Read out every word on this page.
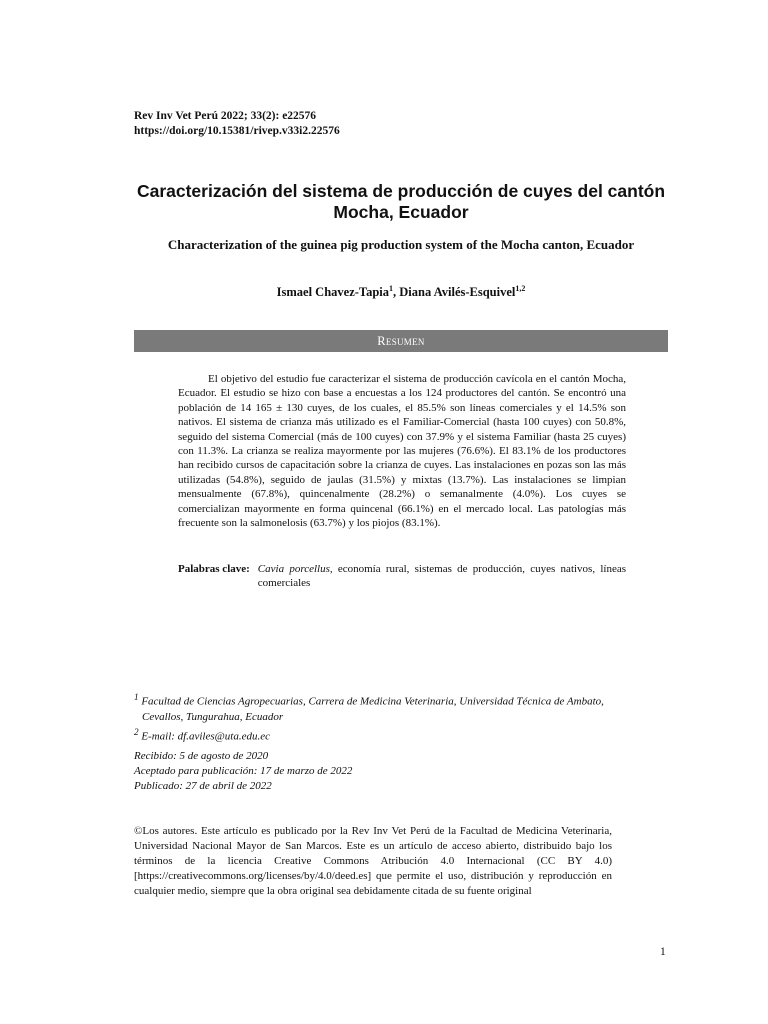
Rev Inv Vet Perú 2022; 33(2): e22576
https://doi.org/10.15381/rivep.v33i2.22576
Caracterización del sistema de producción de cuyes del cantón Mocha, Ecuador
Characterization of the guinea pig production system of the Mocha canton, Ecuador
Ismael Chavez-Tapia$^1$, Diana Avilés-Esquivel$^{1,2}$
Resumen
El objetivo del estudio fue caracterizar el sistema de producción cavícola en el cantón Mocha, Ecuador. El estudio se hizo con base a encuestas a los 124 productores del cantón. Se encontró una población de 14 165 ± 130 cuyes, de los cuales, el 85.5% son líneas comerciales y el 14.5% son nativos. El sistema de crianza más utilizado es el Familiar-Comercial (hasta 100 cuyes) con 50.8%, seguido del sistema Comercial (más de 100 cuyes) con 37.9% y el sistema Familiar (hasta 25 cuyes) con 11.3%. La crianza se realiza mayormente por las mujeres (76.6%). El 83.1% de los productores han recibido cursos de capacitación sobre la crianza de cuyes. Las instalaciones en pozas son las más utilizadas (54.8%), seguido de jaulas (31.5%) y mixtas (13.7%). Las instalaciones se limpian mensualmente (67.8%), quincenalmente (28.2%) o semanalmente (4.0%). Los cuyes se comercializan mayormente en forma quincenal (66.1%) en el mercado local. Las patologías más frecuente son la salmonelosis (63.7%) y los piojos (83.1%).
Palabras clave: Cavia porcellus, economía rural, sistemas de producción, cuyes nativos, líneas comerciales

$^1$ Facultad de Ciencias Agropecuarias, Carrera de Medicina Veterinaria, Universidad Técnica de Ambato, Cevallos, Tungurahua, Ecuador

$^2$ E-mail: df.aviles@uta.edu.ec

Recibido: 5 de agosto de 2020

Aceptado para publicación: 17 de marzo de 2022

Publicado: 27 de abril de 2022

©Los autores. Este artículo es publicado por la Rev Inv Vet Perú de la Facultad de Medicina Veterinaria, Universidad Nacional Mayor de San Marcos. Este es un artículo de acceso abierto, distribuido bajo los términos de la licencia Creative Commons Atribución 4.0 Internacional (CC BY 4.0) [https://creativecommons.org/licenses/by/4.0/deed.es] que permite el uso, distribución y reproducción en cualquier medio, siempre que la obra original sea debidamente citada de su fuente original
1
